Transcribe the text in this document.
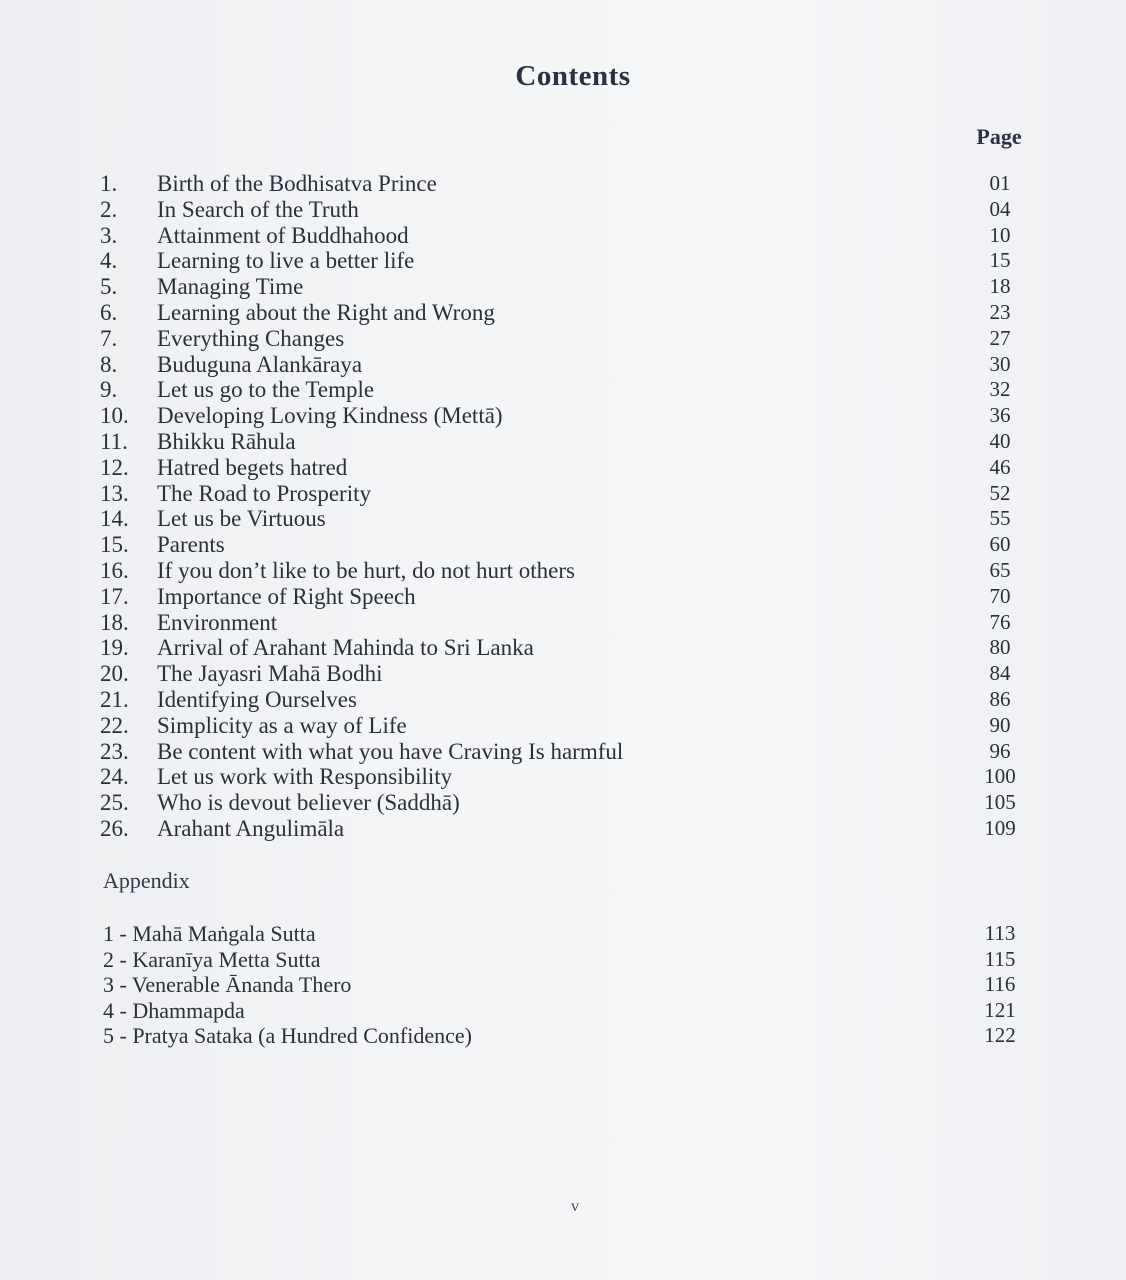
Contents
Page
1.	Birth of the Bodhisatva Prince	01
2.	In Search of the Truth	04
3.	Attainment of Buddhahood	10
4.	Learning to live a better life	15
5.	Managing Time	18
6.	Learning about the Right and Wrong	23
7.	Everything Changes	27
8.	Buduguna Alankāraya	30
9.	Let us go to the Temple	32
10.	Developing Loving Kindness (Mettā)	36
11.	Bhikku Rāhula	40
12.	Hatred begets hatred	46
13.	The Road to Prosperity	52
14.	Let us be Virtuous	55
15.	Parents	60
16.	If you don’t like to be hurt, do not hurt others	65
17.	Importance of Right Speech	70
18.	Environment	76
19.	Arrival of Arahant Mahinda to Sri Lanka	80
20.	The Jayasri Mahā Bodhi	84
21.	Identifying Ourselves	86
22.	Simplicity as a way of Life	90
23.	Be content with what you have Craving Is harmful	96
24.	Let us work with Responsibility	100
25.	Who is devout believer (Saddhā)	105
26.	Arahant Angulimāla	109
Appendix
1 - Mahā Maṅgala Sutta	113
2 - Karanīya Metta Sutta	115
3 - Venerable Ānanda Thero	116
4 - Dhammapda	121
5 - Pratya Sataka (a Hundred Confidence)	122
v
